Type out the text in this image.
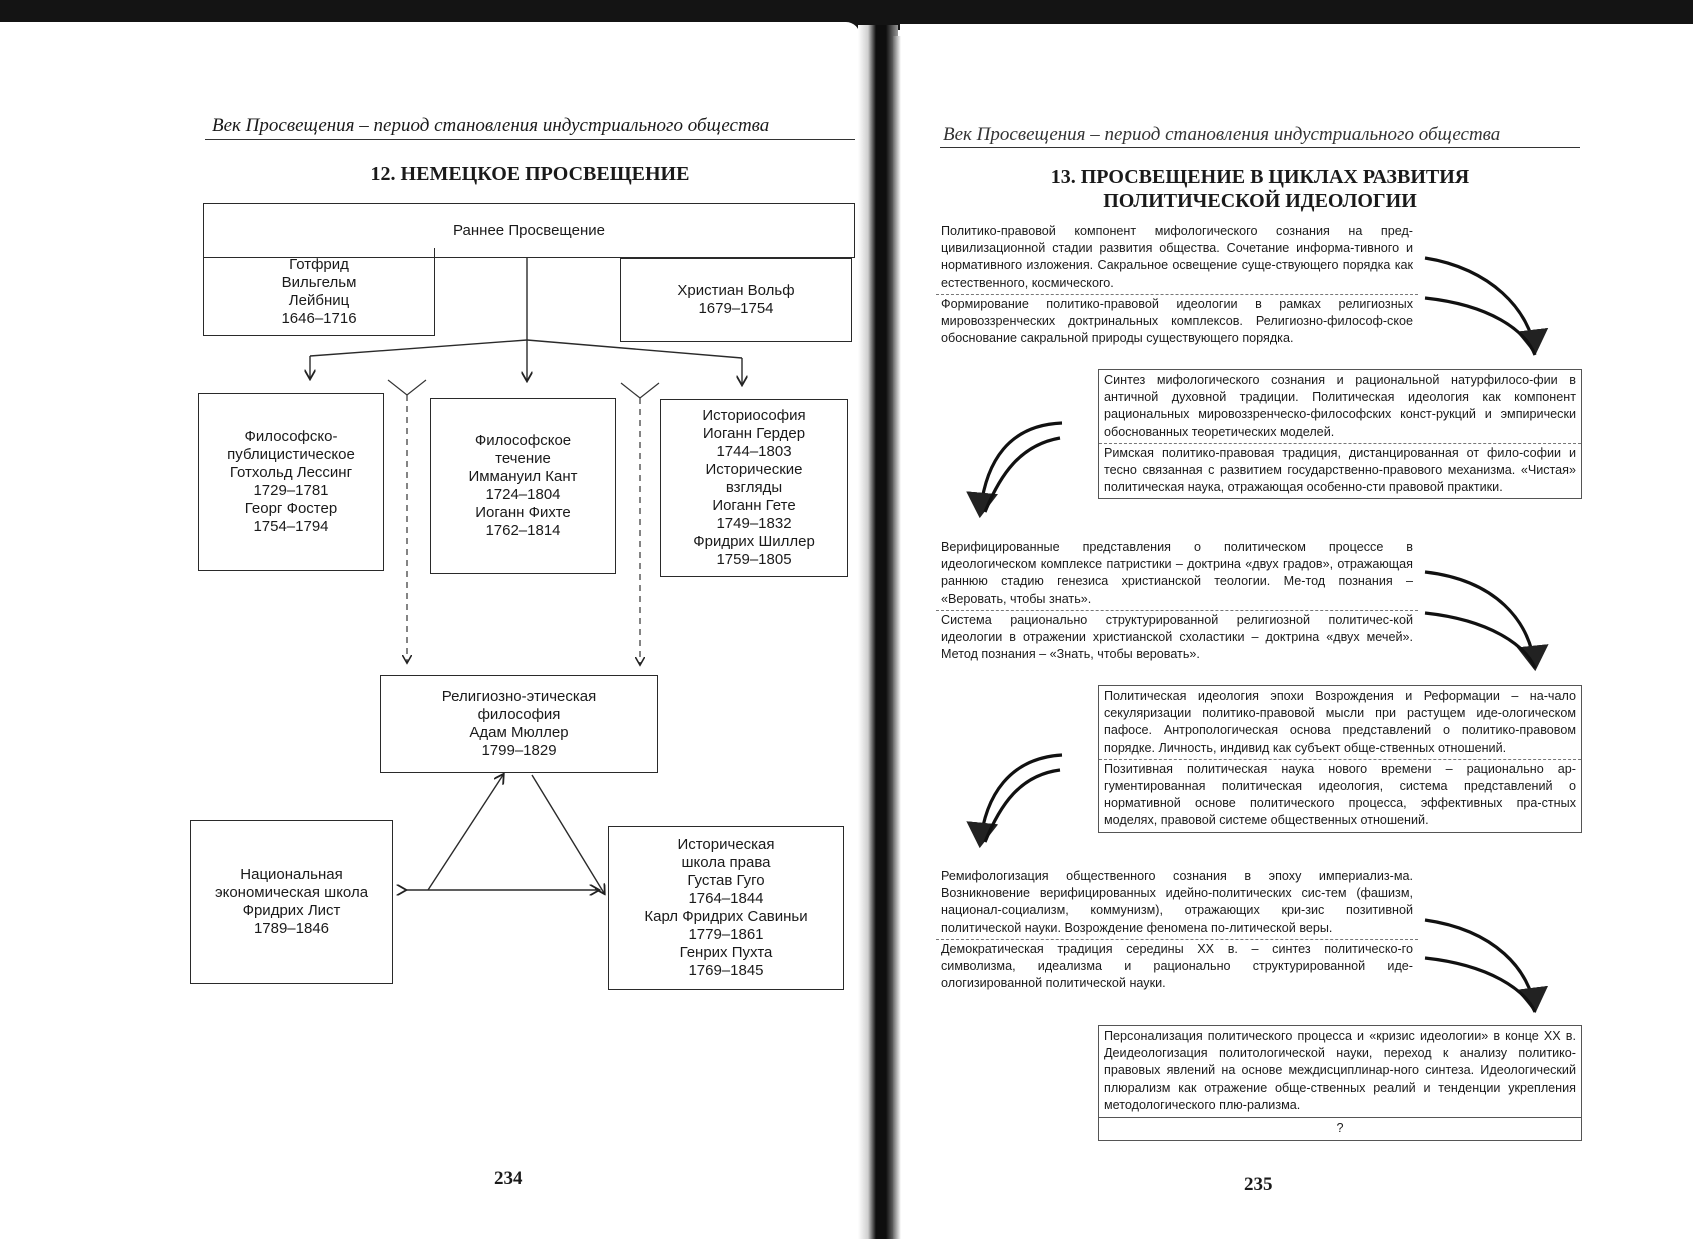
Век Просвещения – период становления индустриального общества
12. НЕМЕЦКОЕ ПРОСВЕЩЕНИЕ
Раннее Просвещение
Готфрид
Вильгельм
Лейбниц
1646–1716
Христиан Вольф
1679–1754
Философско-
публицистическое
Готхольд Лессинг
1729–1781
Георг Фостер
1754–1794
Философское
течение
Иммануил Кант
1724–1804
Иоганн Фихте
1762–1814
Историософия
Иоганн Гердер
1744–1803
Исторические
взгляды
Иоганн Гете
1749–1832
Фридрих Шиллер
1759–1805
Религиозно-этическая
философия
Адам Мюллер
1799–1829
Национальная
экономическая школа
Фридрих Лист
1789–1846
Историческая
школа права
Густав Гуго
1764–1844
Карл Фридрих Савиньи
1779–1861
Генрих Пухта
1769–1845
234
Век Просвещения – период становления индустриального общества
13. ПРОСВЕЩЕНИЕ В ЦИКЛАХ РАЗВИТИЯ
ПОЛИТИЧЕСКОЙ ИДЕОЛОГИИ
Политико-правовой компонент мифологического сознания на пред-цивилизационной стадии развития общества. Сочетание информа-тивного и нормативного изложения. Сакральное освещение суще-ствующего порядка как естественного, космического.
Формирование политико-правовой идеологии в рамках религиозных мировоззренческих доктринальных комплексов. Религиозно-философ-ское обоснование сакральной природы существующего порядка.
Синтез мифологического сознания и рациональной натурфилосо-фии в античной духовной традиции. Политическая идеология как компонент рациональных мировоззренческо-философских конст-рукций и эмпирически обоснованных теоретических моделей.
Римская политико-правовая традиция, дистанцированная от фило-софии и тесно связанная с развитием государственно-правового механизма. «Чистая» политическая наука, отражающая особенно-сти правовой практики.
Верифицированные представления о политическом процессе в идеологическом комплексе патристики – доктрина «двух градов», отражающая раннюю стадию генезиса христианской теологии. Ме-тод познания – «Веровать, чтобы знать».
Система рационально структурированной религиозной политичес-кой идеологии в отражении христианской схоластики – доктрина «двух мечей». Метод познания – «Знать, чтобы веровать».
Политическая идеология эпохи Возрождения и Реформации – на-чало секуляризации политико-правовой мысли при растущем иде-ологическом пафосе. Антропологическая основа представлений о политико-правовом порядке. Личность, индивид как субъект обще-ственных отношений.
Позитивная политическая наука нового времени – рационально ар-гументированная политическая идеология, система представлений о нормативной основе политического процесса, эффективных пра-стных моделях, правовой системе общественных отношений.
Ремифологизация общественного сознания в эпоху империализ-ма. Возникновение верифицированных идейно-политических сис-тем (фашизм, национал-социализм, коммунизм), отражающих кри-зис позитивной политической науки. Возрождение феномена по-литической веры.
Демократическая традиция середины XX в. – синтез политическо-го символизма, идеализма и рационально структурированной иде-ологизированной политической науки.
Персонализация политического процесса и «кризис идеологии» в конце XX в. Деидеологизация политологической науки, переход к анализу политико-правовых явлений на основе междисциплинар-ного синтеза. Идеологический плюрализм как отражение обще-ственных реалий и тенденции укрепления методологического плю-рализма.
?
235
